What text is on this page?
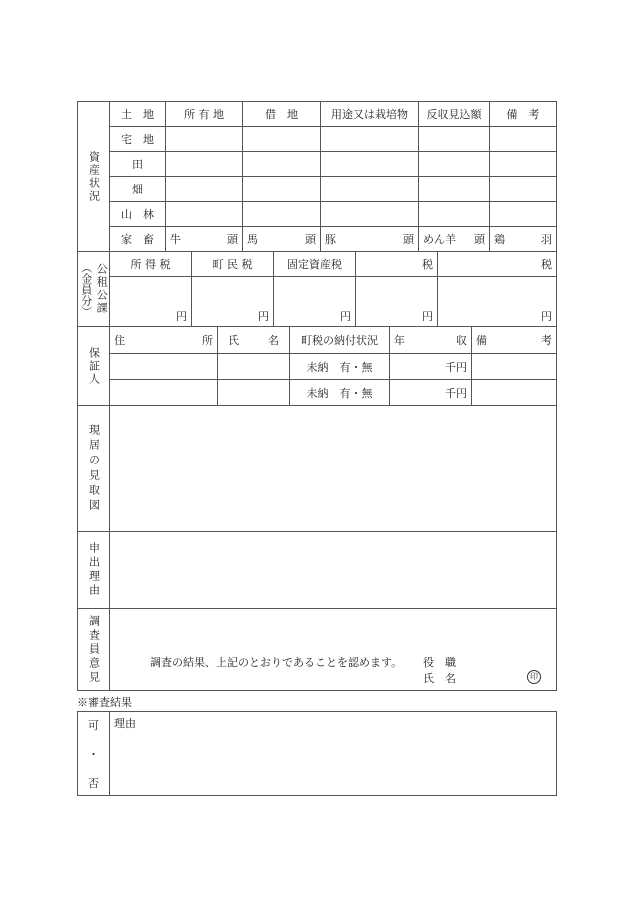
資産状況	土　地	所 有 地	借　地	用途又は栽培物	反収見込額	備　考
	宅　地					
	田					
	畑					
	山　林					
	家　畜	牛 頭	馬 頭	豚 頭	めん羊 頭	鶏 羽
公租公課
（金員分）	所 得 税	町 民 税	固定資産税	税	税
	円	円	円	円	円
保証人	住 所	氏 名	町税の納付状況	年 収	備 考

			未納　有・無	千円	
			未納　有・無	千円	
現居の見取図	

申出理由	

調査員意見	調査の結果、上記のとおりであることを認めます。 役　職
氏　名 印
※審査結果
可
・
否
	理由
